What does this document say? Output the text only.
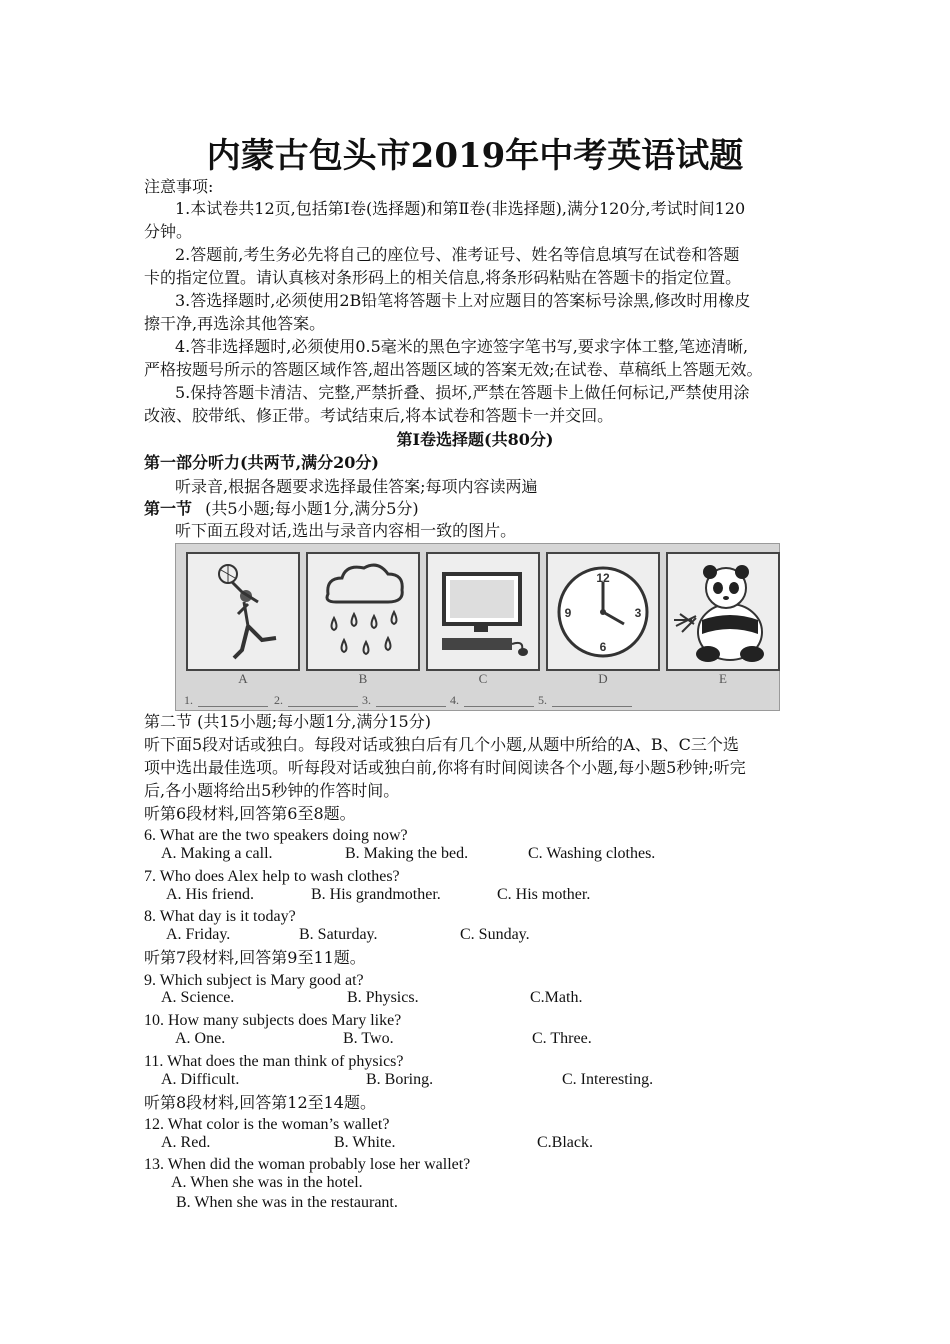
内蒙古包头市2019年中考英语试题
注意事项:
1.本试卷共12页,包括第Ⅰ卷(选择题)和第Ⅱ卷(非选择题),满分120分,考试时间120
分钟。
2.答题前,考生务必先将自己的座位号、准考证号、姓名等信息填写在试卷和答题
卡的指定位置。请认真核对条形码上的相关信息,将条形码粘贴在答题卡的指定位置。
3.答选择题时,必须使用2B铅笔将答题卡上对应题目的答案标号涂黑,修改时用橡皮
擦干净,再选涂其他答案。
4.答非选择题时,必须使用0.5毫米的黑色字迹签字笔书写,要求字体工整,笔迹清晰,
严格按题号所示的答题区域作答,超出答题区域的答案无效;在试卷、草稿纸上答题无效。
5.保持答题卡清洁、完整,严禁折叠、损坏,严禁在答题卡上做任何标记,严禁使用涂
改液、胶带纸、修正带。考试结束后,将本试卷和答题卡一并交回。
第Ⅰ卷选择题(共80分)
第一部分听力(共两节,满分20分)
听录音,根据各题要求选择最佳答案;每项内容读两遍
第一节 (共5小题;每小题1分,满分5分)
听下面五段对话,选出与录音内容相一致的图片。
12
3
6
9
A	B	C	D	E
1.	2.	3.	4.	5.
第二节 (共15小题;每小题1分,满分15分)
听下面5段对话或独白。每段对话或独白后有几个小题,从题中所给的A、B、C三个选
项中选出最佳选项。听每段对话或独白前,你将有时间阅读各个小题,每小题5秒钟;听完
后,各小题将给出5秒钟的作答时间。
听第6段材料,回答第6至8题。
6. What are the two speakers doing now?
A. Making a call.	B. Making the bed.	C. Washing clothes.
7. Who does Alex help to wash clothes?
A. His friend.	B. His grandmother.	C. His mother.
8. What day is it today?
A. Friday.	B. Saturday.	C. Sunday.
听第7段材料,回答第9至11题。
9. Which subject is Mary good at?
A. Science.	B. Physics.	C.Math.
10. How many subjects does Mary like?
A. One.	B. Two.	C. Three.
11. What does the man think of physics?
A. Difficult.	B. Boring.	C. Interesting.
听第8段材料,回答第12至14题。
12. What color is the woman’s wallet?
A. Red.	B. White.	C.Black.
13. When did the woman probably lose her wallet?
A. When she was in the hotel.
B. When she was in the restaurant.
